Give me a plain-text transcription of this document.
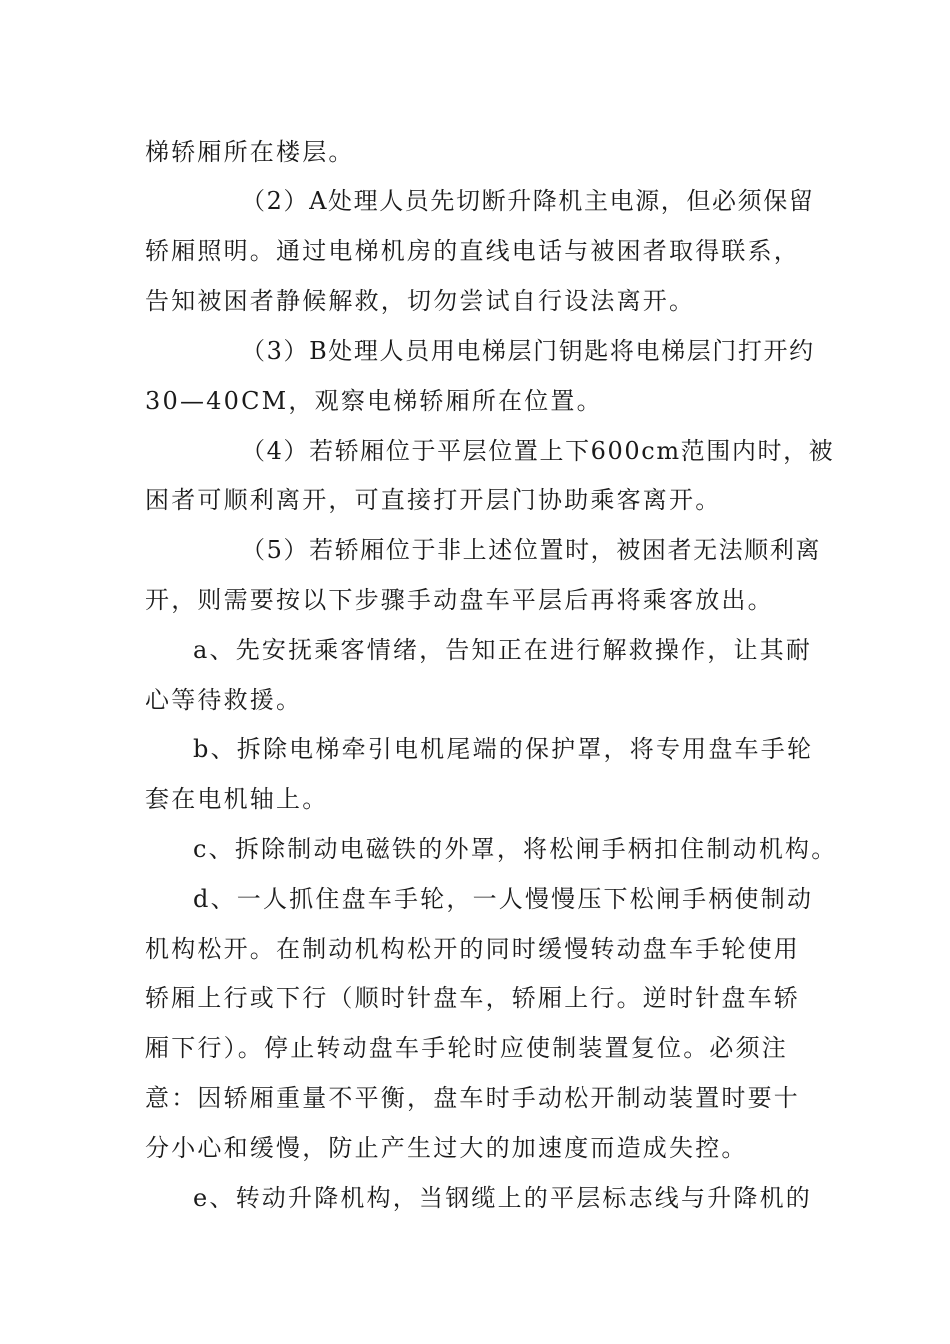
梯轿厢所在楼层。
（2）A处理人员先切断升降机主电源，但必须保留
轿厢照明。通过电梯机房的直线电话与被困者取得联系，
告知被困者静候解救，切勿尝试自行设法离开。
（3）B处理人员用电梯层门钥匙将电梯层门打开约
30—40CM，观察电梯轿厢所在位置。
（4）若轿厢位于平层位置上下600cm范围内时，被
困者可顺利离开，可直接打开层门协助乘客离开。
（5）若轿厢位于非上述位置时，被困者无法顺利离
开，则需要按以下步骤手动盘车平层后再将乘客放出。
a、先安抚乘客情绪，告知正在进行解救操作，让其耐
心等待救援。
b、拆除电梯牵引电机尾端的保护罩，将专用盘车手轮
套在电机轴上。
c、拆除制动电磁铁的外罩，将松闸手柄扣住制动机构。
d、一人抓住盘车手轮，一人慢慢压下松闸手柄使制动
机构松开。在制动机构松开的同时缓慢转动盘车手轮使用
轿厢上行或下行（顺时针盘车，轿厢上行。逆时针盘车轿
厢下行）。停止转动盘车手轮时应使制装置复位。必须注
意：因轿厢重量不平衡，盘车时手动松开制动装置时要十
分小心和缓慢，防止产生过大的加速度而造成失控。
e、转动升降机构，当钢缆上的平层标志线与升降机的
